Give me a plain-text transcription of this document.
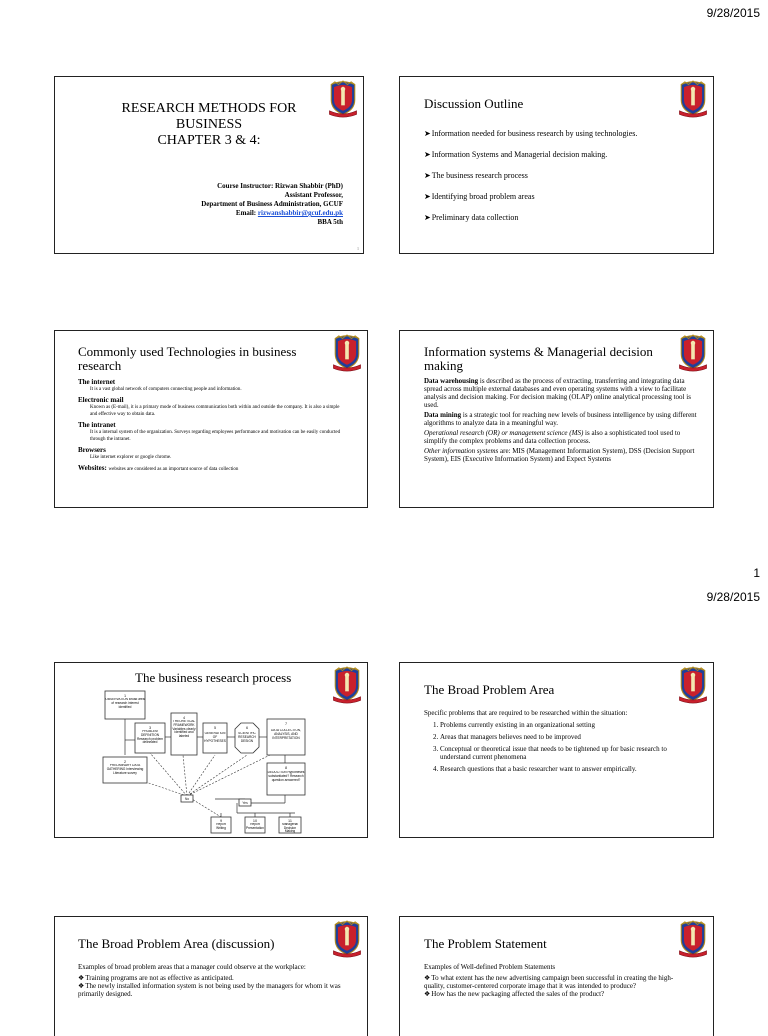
9/28/2015
1
9/28/2015
RESEARCH METHODS FOR
BUSINESS
CHAPTER 3 & 4:
Course Instructor: Rizwan Shabbir (PhD)
Assistant Professor,
Department of Business Administration, GCUF
Email: rizwanshabbir@gcuf.edu.pk
BBA 5th
1
Discussion Outline
➤ Information needed for business research by using technologies.
➤ Information Systems and Managerial decision making.
➤ The business research process
➤ Identifying broad problem areas
➤ Preliminary data collection
Commonly used Technologies in business research
The internet
It is a vast global network of computers connecting people and information.
Electronic mail
Known as (E-mail), it is a primary mode of business communication both within and outside the company. It is also a simple and effective way to obtain data.
The intranet
It is a internal system of the organization. Surveys regarding employees performance and motivation can be easily conducted through the intranet.
Browsers
Like internet explorer or google chrome.
Websites: websites are considered as an important source of data collection
Information systems & Managerial decision making
Data warehousing is described as the process of extracting, transferring and integrating data spread across multiple external databases and even operating systems with a view to facilitate analysis and decision making. For decision making (OLAP) online analytical processing tool is used.
Data mining is a strategic tool for reaching new levels of business intelligence by using different algorithms to analyze data in a meaningful way.
Operational research (OR) or management science (MS) is also a sophisticated tool used to simplify the complex problems and data collection process.
Other information systems are: MIS (Management Information System), DSS (Decision Support System), EIS (Executive Information System) and Expect Systems
The business research process
1
OBSERVATION Broad area of research interest identified
2
PRELIMINARY DATA GATHERING Interviewing Literature survey
3
PROBLEM DEFINITION Research problem delineated
4
THEORETICAL FRAMEWORK Variables clearly identified and labeled
5
GENERATION OF HYPOTHESES
6
SCIENTIFIC RESEARCH DESIGN
7
DATA COLLECTION, ANALYSIS, AND INTERPRETATION
8
DEDUCTION Hypotheses substantiated? Research question answered?
No
Yes
9
Report Writing
10
Report Presentation
11
Managerial Decision Making
The Broad Problem Area
Specific problems that are required to be researched within the situation:
1. Problems currently existing in an organizational setting
2. Areas that managers believes need to be improved
3. Conceptual or theoretical issue that needs to be tightened up for basic research to understand current phenomena
4. Research questions that a basic researcher want to answer empirically.
The Broad Problem Area (discussion)
Examples of broad problem areas that a manager could observe at the workplace:
❖ Training programs are not as effective as anticipated.
❖ The newly installed information system is not being used by the managers for whom it was primarily designed.
The Problem Statement
Examples of Well-defined Problem Statements
❖ To what extent has the new advertising campaign been successful in creating the high-quality, customer-centered corporate image that it was intended to produce?
❖ How has the new packaging affected the sales of the product?
